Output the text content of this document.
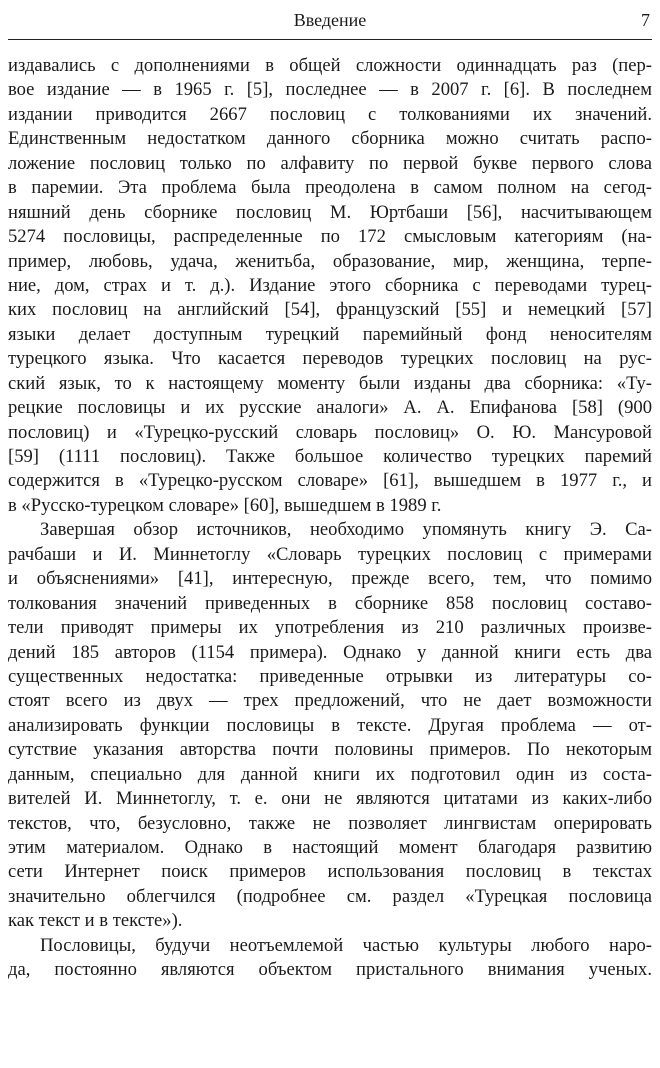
Введение	7
издавались с дополнениями в общей сложности одиннадцать раз (пер-
вое издание — в 1965 г. [5], последнее — в 2007 г. [6]. В последнем
издании приводится 2667 пословиц с толкованиями их значений.
Единственным недостатком данного сборника можно считать распо-
ложение пословиц только по алфавиту по первой букве первого слова
в паремии. Эта проблема была преодолена в самом полном на сегод-
няшний день сборнике пословиц М. Юртбаши [56], насчитывающем
5274 пословицы, распределенные по 172 смысловым категориям (на-
пример, любовь, удача, женитьба, образование, мир, женщина, терпе-
ние, дом, страх и т. д.). Издание этого сборника с переводами турец-
ких пословиц на английский [54], французский [55] и немецкий [57]
языки делает доступным турецкий паремийный фонд неносителям
турецкого языка. Что касается переводов турецких пословиц на рус-
ский язык, то к настоящему моменту были изданы два сборника: «Ту-
рецкие пословицы и их русские аналоги» А. А. Епифанова [58] (900
пословиц) и «Турецко-русский словарь пословиц» О. Ю. Мансуровой
[59] (1111 пословиц). Также большое количество турецких паремий
содержится в «Турецко-русском словаре» [61], вышедшем в 1977 г., и
в «Русско-турецком словаре» [60], вышедшем в 1989 г.
Завершая обзор источников, необходимо упомянуть книгу Э. Са-
рачбаши и И. Миннетоглу «Словарь турецких пословиц с примерами
и объяснениями» [41], интересную, прежде всего, тем, что помимо
толкования значений приведенных в сборнике 858 пословиц составо-
тели приводят примеры их употребления из 210 различных произве-
дений 185 авторов (1154 примера). Однако у данной книги есть два
существенных недостатка: приведенные отрывки из литературы со-
стоят всего из двух — трех предложений, что не дает возможности
анализировать функции пословицы в тексте. Другая проблема — от-
сутствие указания авторства почти половины примеров. По некоторым
данным, специально для данной книги их подготовил один из соста-
вителей И. Миннетоглу, т. е. они не являются цитатами из каких-либо
текстов, что, безусловно, также не позволяет лингвистам оперировать
этим материалом. Однако в настоящий момент благодаря развитию
сети Интернет поиск примеров использования пословиц в текстах
значительно облегчился (подробнее см. раздел «Турецкая пословица
как текст и в тексте»).
Пословицы, будучи неотъемлемой частью культуры любого наро-
да, постоянно являются объектом пристального внимания ученых.
